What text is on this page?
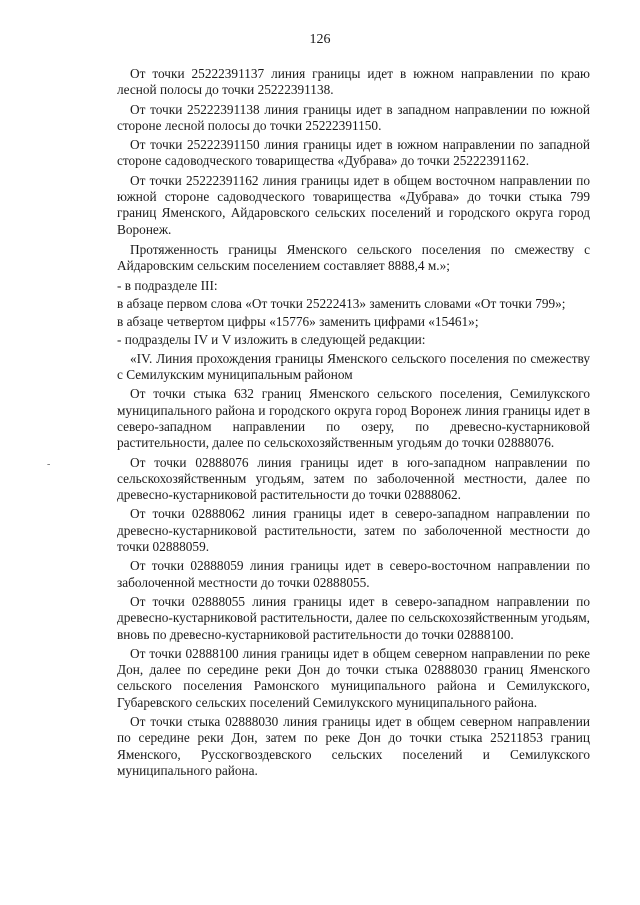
126
-

От точки 25222391137 линия границы идет в южном направлении по краю лесной полосы до точки 25222391138.

От точки 25222391138 линия границы идет в западном направлении по южной стороне лесной полосы до точки 25222391150.

От точки 25222391150 линия границы идет в южном направлении по западной стороне садоводческого товарищества «Дубрава» до точки 25222391162.

От точки 25222391162 линия границы идет в общем восточном направлении по южной стороне садоводческого товарищества «Дубрава» до точки стыка 799 границ Яменского, Айдаровского сельских поселений и городского округа город Воронеж.

Протяженность границы Яменского сельского поселения по смежеству с Айдаровским сельским поселением составляет 8888,4 м.»;

- в подразделе III:

в абзаце первом слова «От точки 25222413» заменить словами «От точки 799»;

в абзаце четвертом цифры «15776» заменить цифрами «15461»;

- подразделы IV и V изложить в следующей редакции:

«IV. Линия прохождения границы Яменского сельского поселения по смежеству с Семилукским муниципальным районом

От точки стыка 632 границ Яменского сельского поселения, Семилукского муниципального района и городского округа город Воронеж линия границы идет в северо-западном направлении по озеру, по древесно-кустарниковой растительности, далее по сельскохозяйственным угодьям до точки 02888076.

От точки 02888076 линия границы идет в юго-западном направлении по сельскохозяйственным угодьям, затем по заболоченной местности, далее по древесно-кустарниковой растительности до точки 02888062.

От точки 02888062 линия границы идет в северо-западном направлении по древесно-кустарниковой растительности, затем по заболоченной местности до точки 02888059.

От точки 02888059 линия границы идет в северо-восточном направлении по заболоченной местности до точки 02888055.

От точки 02888055 линия границы идет в северо-западном направлении по древесно-кустарниковой растительности, далее по сельскохозяйственным угодьям, вновь по древесно-кустарниковой растительности до точки 02888100.

От точки 02888100 линия границы идет в общем северном направлении по реке Дон, далее по середине реки Дон до точки стыка 02888030 границ Яменского сельского поселения Рамонского муниципального района и Семилукского, Губаревского сельских поселений Семилукского муниципального района.

От точки стыка 02888030 линия границы идет в общем северном направлении по середине реки Дон, затем по реке Дон до точки стыка 25211853 границ Яменского, Русскогвоздевского сельских поселений и Семилукского муниципального района.
